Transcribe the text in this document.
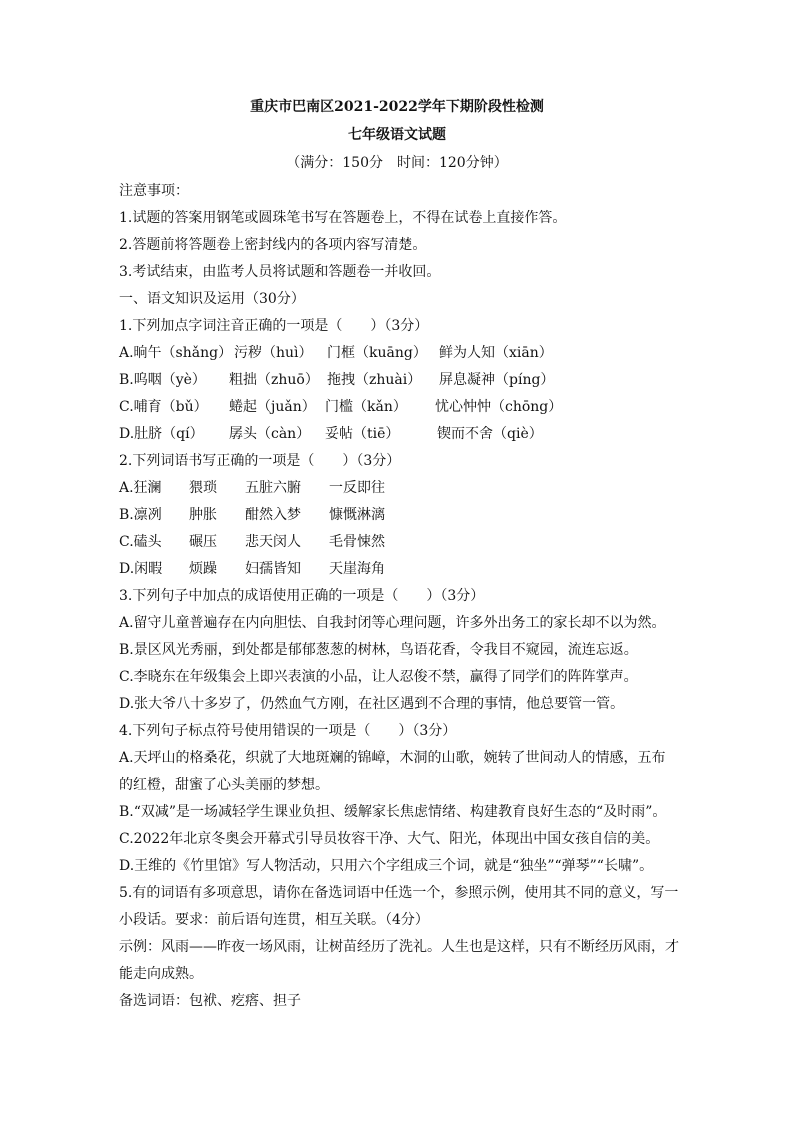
重庆市巴南区2021-2022学年下期阶段性检测
七年级语文试题
（满分：150分　时间：120分钟）
注意事项：
1.试题的答案用钢笔或圆珠笔书写在答题卷上，不得在试卷上直接作答。
2.答题前将答题卷上密封线内的各项内容写清楚。
3.考试结束，由监考人员将试题和答题卷一并收回。
一、语文知识及运用（30分）
1.下列加点字词注音正确的一项是（　　）（3分）
A.晌午（shǎng） 污秽（huì） 门框（kuāng） 鲜为人知（xiān）
B.呜咽（yè） 粗拙（zhuō） 拖拽（zhuài） 屏息凝神（píng）
C.哺育（bǔ） 蜷起（juǎn） 门槛（kǎn） 忧心忡忡（chōng）
D.肚脐（qí） 孱头（càn） 妥帖（tiē）	锲而不舍（qiè）
2.下列词语书写正确的一项是（　　）（3分）
A.狂澜 猥琐 五脏六腑 一反即往
B.凛冽 肿胀 酣然入梦 慷慨淋漓
C.磕头 碾压 悲天闵人 毛骨悚然
D.闲暇 烦躁 妇孺皆知 天崖海角
3.下列句子中加点的成语使用正确的一项是（　　）（3分）
A.留守儿童普遍存在内向胆怯、自我封闭等心理问题，许多外出务工的家长却不以为然。
B.景区风光秀丽，到处都是郁郁葱葱的树林，鸟语花香，令我目不窥园，流连忘返。
C.李晓东在年级集会上即兴表演的小品，让人忍俊不禁，赢得了同学们的阵阵掌声。
D.张大爷八十多岁了，仍然血气方刚，在社区遇到不合理的事情，他总要管一管。
4.下列句子标点符号使用错误的一项是（　　）（3分）
A.天坪山的格桑花，织就了大地斑斓的锦嶂，木洞的山歌，婉转了世间动人的情感，五布
的红橙，甜蜜了心头美丽的梦想。
B.“双减”是一场减轻学生课业负担、缓解家长焦虑情绪、构建教育良好生态的“及时雨”。
C.2022年北京冬奥会开幕式引导员妆容干净、大气、阳光，体现出中国女孩自信的美。
D.王维的《竹里馆》写人物活动，只用六个字组成三个词，就是“独坐”“弹琴”“长啸”。
5.有的词语有多项意思，请你在备选词语中任选一个，参照示例，使用其不同的意义，写一
小段话。要求：前后语句连贯，相互关联。（4分）
示例：风雨——昨夜一场风雨，让树苗经历了洗礼。人生也是这样，只有不断经历风雨，才
能走向成熟。
备选词语：包袱、疙瘩、担子
